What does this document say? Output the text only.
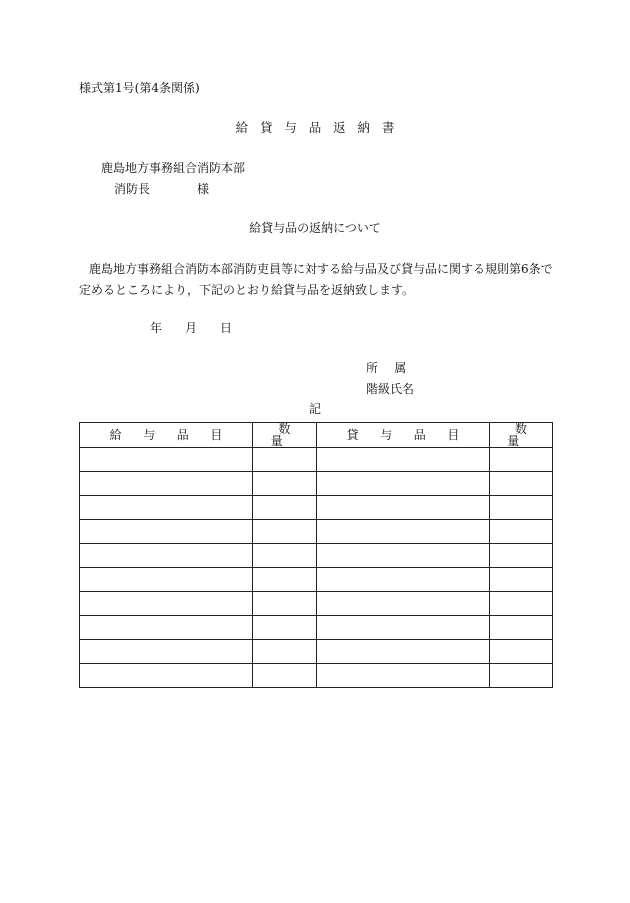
様式第1号(第4条関係)
給貸与品返納書
鹿島地方事務組合消防本部
消防長	様
給貸与品の返納について
鹿島地方事務組合消防本部消防吏員等に対する給与品及び貸与品に関する規則第6条で
定めるところにより，下記のとおり給貸与品を返納致します。
年 月 日
所属
階級氏名
記
給与品目	数量	貸与品目	数量
